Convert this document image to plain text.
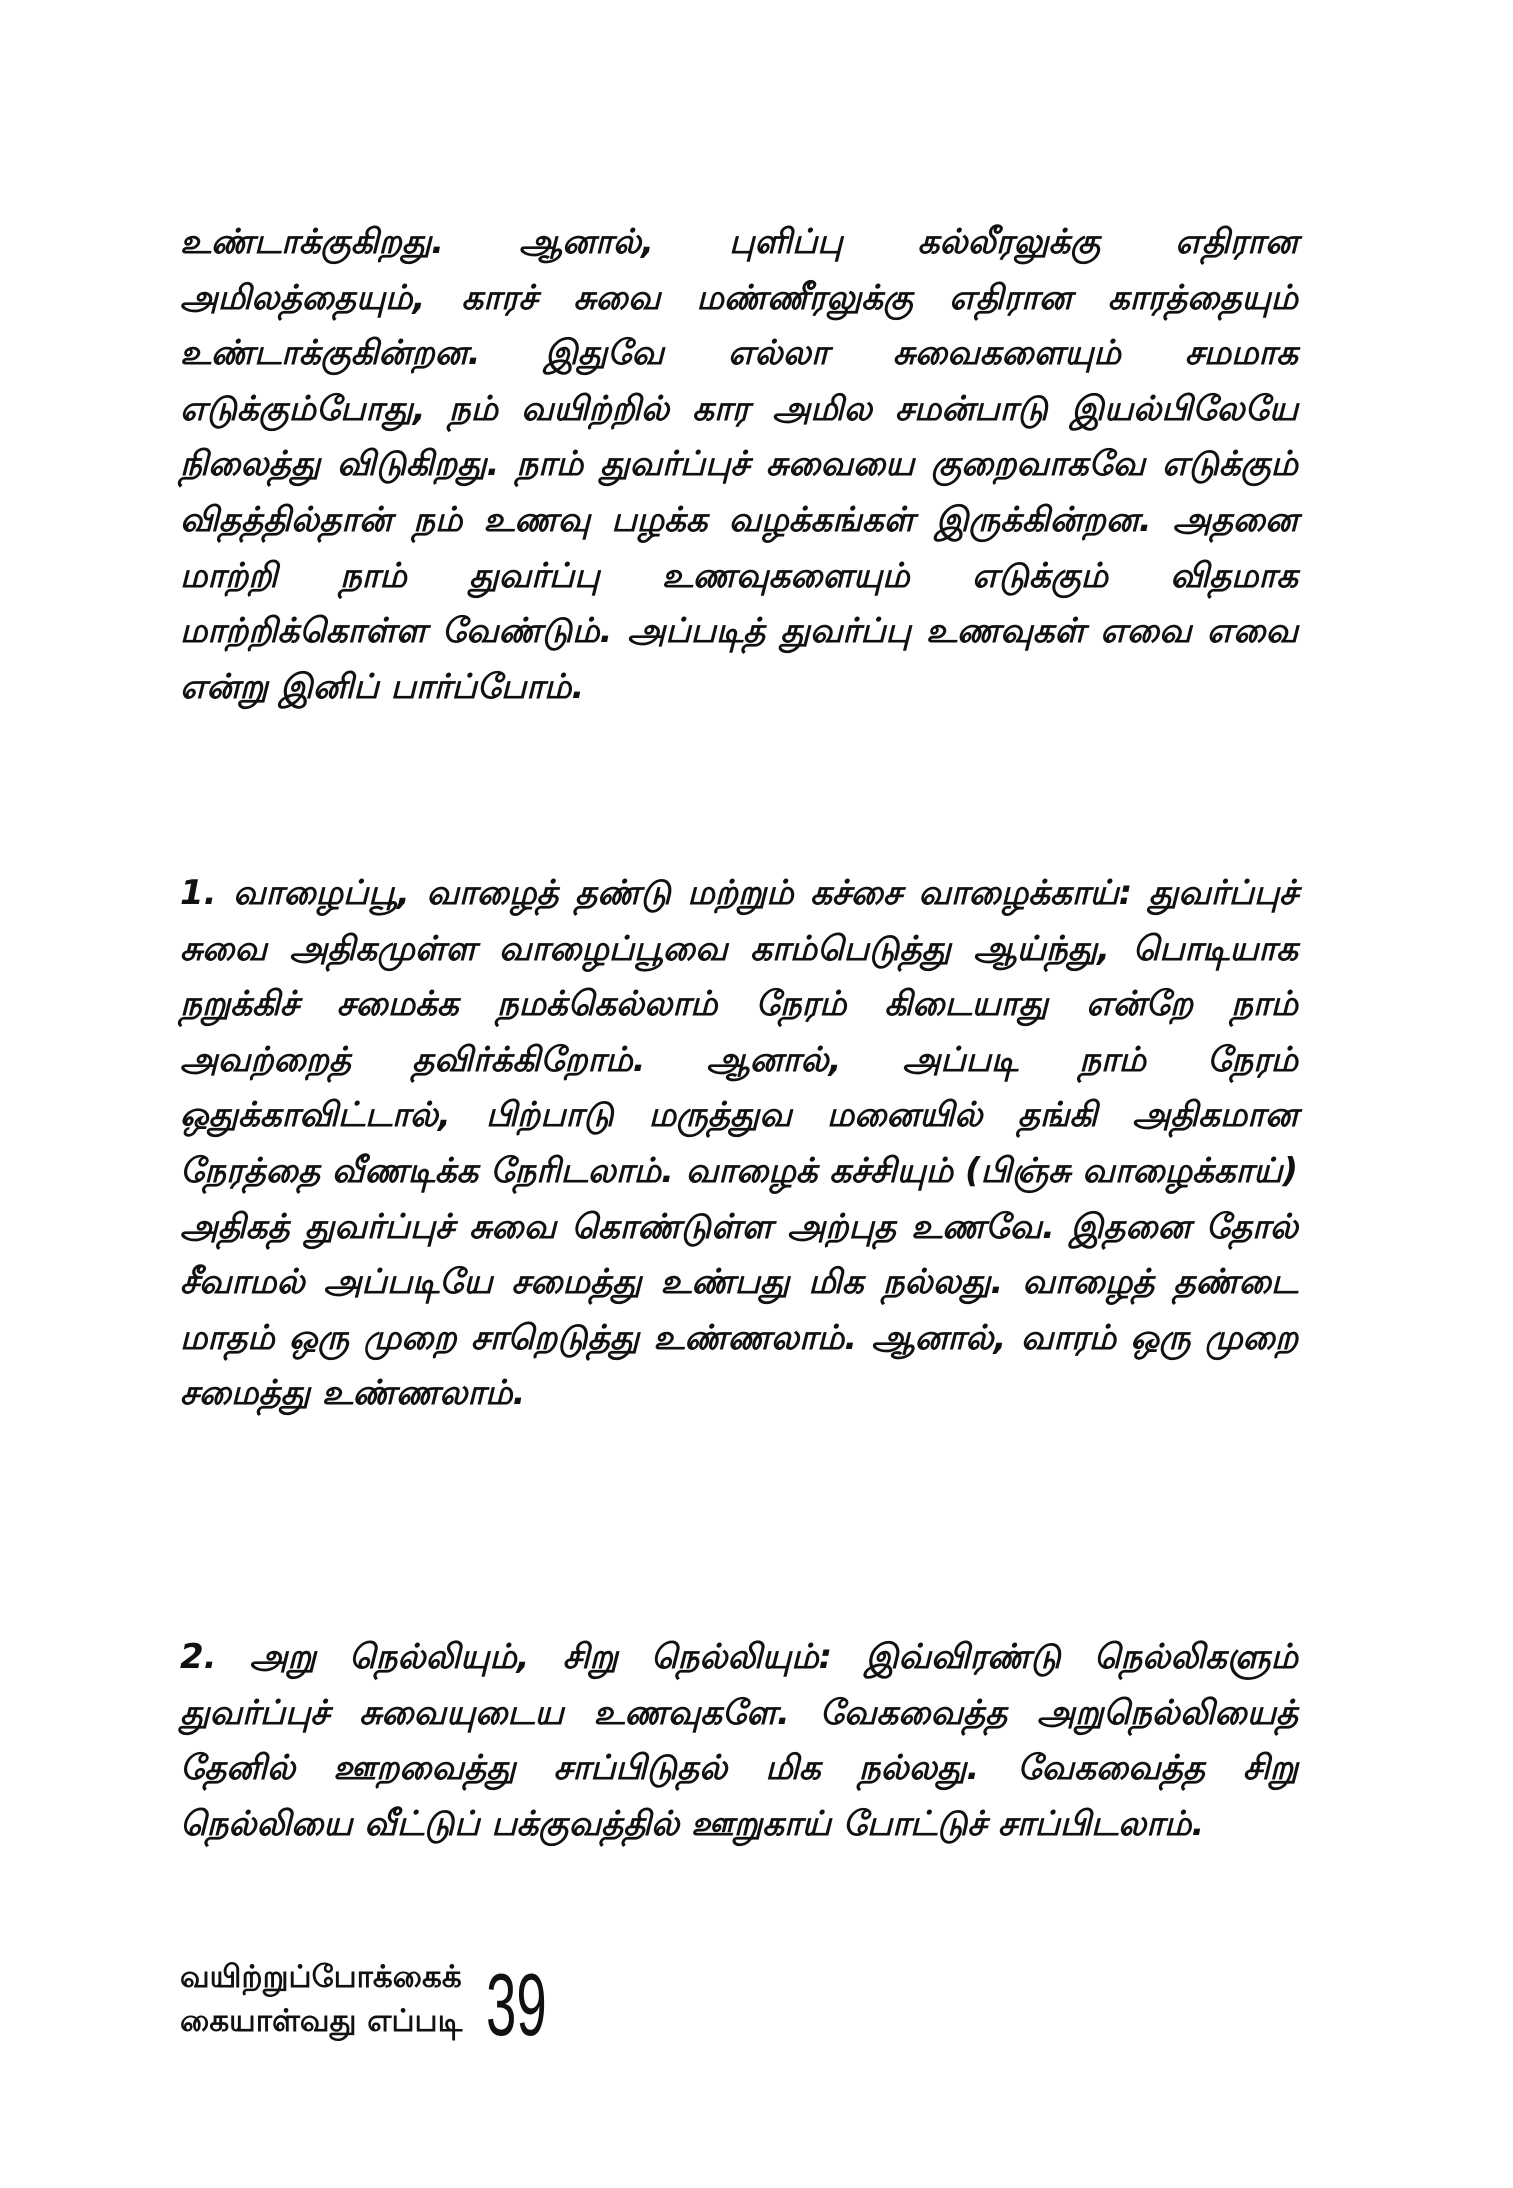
உண்டாக்குகிறது. ஆனால், புளிப்பு கல்லீரலுக்கு எதிரான அமிலத்தையும், காரச் சுவை மண்ணீரலுக்கு எதிரான காரத்தையும் உண்டாக்குகின்றன. இதுவே எல்லா சுவைகளையும் சமமாக எடுக்கும்போது, நம் வயிற்றில் கார அமில சமன்பாடு இயல்பிலேயே நிலைத்து விடுகிறது. நாம் துவர்ப்புச் சுவையை குறைவாகவே எடுக்கும் விதத்தில்தான் நம் உணவு பழக்க வழக்கங்கள் இருக்கின்றன. அதனை மாற்றி நாம் துவர்ப்பு உணவுகளையும் எடுக்கும் விதமாக மாற்றிக்கொள்ள வேண்டும். அப்படித் துவர்ப்பு உணவுகள் எவை எவை என்று இனிப் பார்ப்போம்.
1. வாழைப்பூ, வாழைத் தண்டு மற்றும் கச்சை வாழைக்காய்: துவர்ப்புச் சுவை அதிகமுள்ள வாழைப்பூவை காம்பெடுத்து ஆய்ந்து, பொடியாக நறுக்கிச் சமைக்க நமக்கெல்லாம் நேரம் கிடையாது என்றே நாம் அவற்றைத் தவிர்க்கிறோம். ஆனால், அப்படி நாம் நேரம் ஒதுக்காவிட்டால், பிற்பாடு மருத்துவ மனையில் தங்கி அதிகமான நேரத்தை வீணடிக்க நேரிடலாம். வாழைக் கச்சியும் (பிஞ்சு வாழைக்காய்) அதிகத் துவர்ப்புச் சுவை கொண்டுள்ள அற்புத உணவே. இதனை தோல் சீவாமல் அப்படியே சமைத்து உண்பது மிக நல்லது. வாழைத் தண்டை மாதம் ஒரு முறை சாறெடுத்து உண்ணலாம். ஆனால், வாரம் ஒரு முறை சமைத்து உண்ணலாம்.
2. அறு நெல்லியும், சிறு நெல்லியும்: இவ்விரண்டு நெல்லிகளும் துவர்ப்புச் சுவையுடைய உணவுகளே. வேகவைத்த அறுநெல்லியைத் தேனில் ஊறவைத்து சாப்பிடுதல் மிக நல்லது. வேகவைத்த சிறு நெல்லியை வீட்டுப் பக்குவத்தில் ஊறுகாய் போட்டுச் சாப்பிடலாம்.
வயிற்றுப்போக்கைக்
கையாள்வது எப்படி 39
